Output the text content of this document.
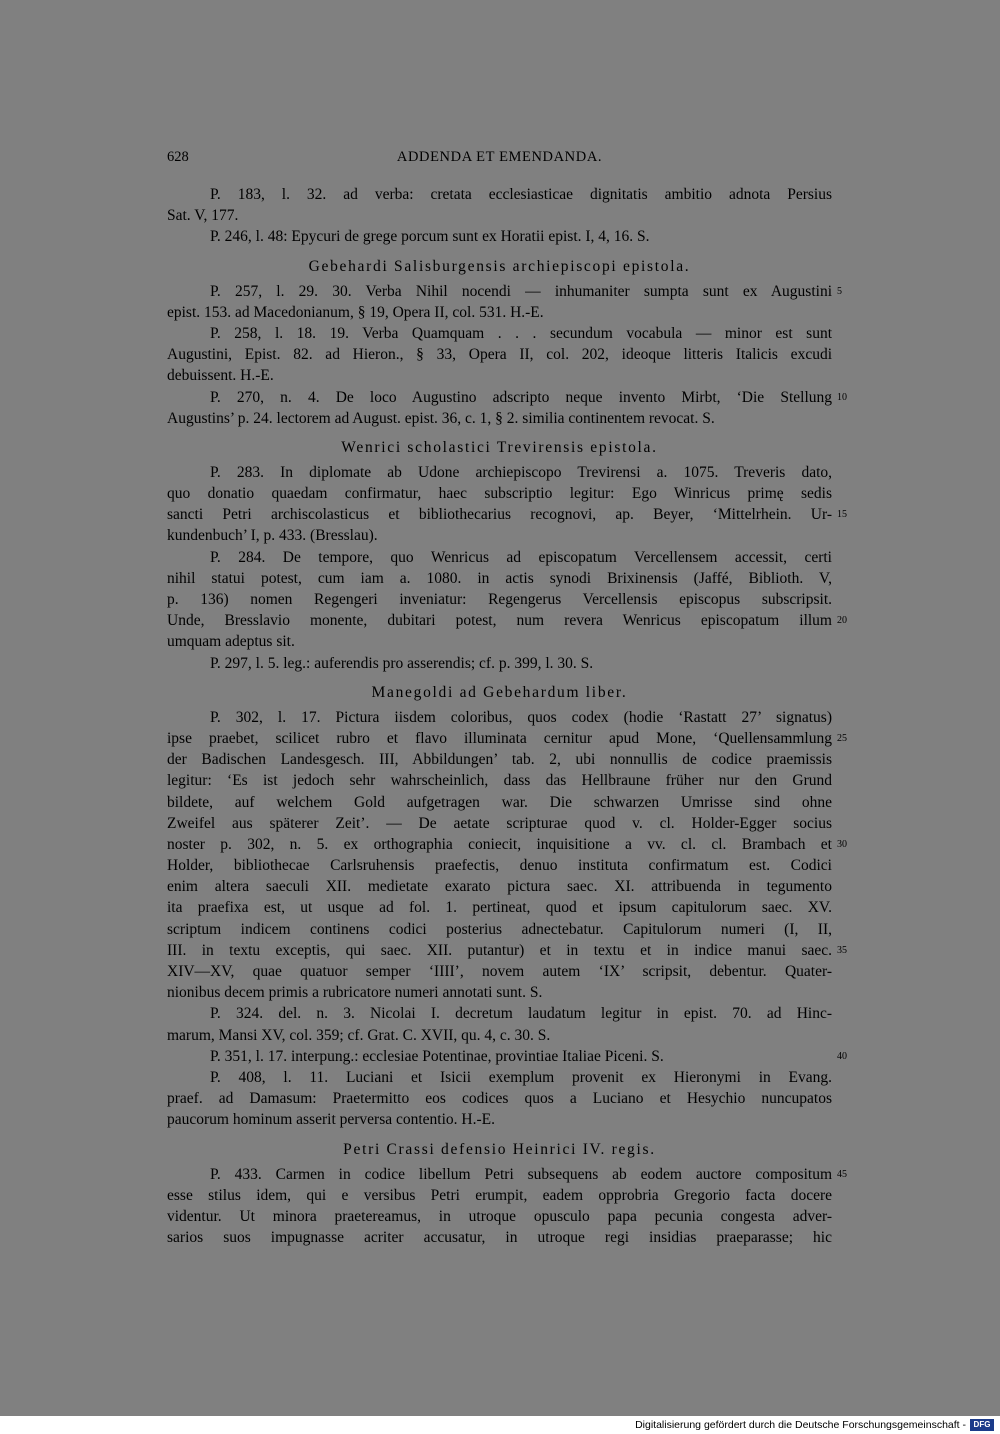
628	ADDENDA ET EMENDANDA.
P. 183, l. 32. ad verba: cretata ecclesiasticae dignitatis ambitio adnota Persius
Sat. V, 177.
P. 246, l. 48: Epycuri de grege porcum sunt ex Horatii epist. I, 4, 16. S.
Gebehardi Salisburgensis archiepiscopi epistola.
P. 257, l. 29. 30. Verba Nihil nocendi — inhumaniter sumpta sunt ex Augustini 5
epist. 153. ad Macedonianum, § 19, Opera II, col. 531. H.-E.
P. 258, l. 18. 19. Verba Quamquam . . . secundum vocabula — minor est sunt
Augustini, Epist. 82. ad Hieron., § 33, Opera II, col. 202, ideoque litteris Italicis excudi
debuissent. H.-E.
P. 270, n. 4. De loco Augustino adscripto neque invento Mirbt, ‘Die Stellung 10
Augustins’ p. 24. lectorem ad August. epist. 36, c. 1, § 2. similia continentem revocat. S.
Wenrici scholastici Trevirensis epistola.
P. 283. In diplomate ab Udone archiepiscopo Trevirensi a. 1075. Treveris dato,
quo donatio quaedam confirmatur, haec subscriptio legitur: Ego Winricus primę sedis
sancti Petri archiscolasticus et bibliothecarius recognovi, ap. Beyer, ‘Mittelrhein. Ur- 15
kundenbuch’ I, p. 433. (Bresslau).
P. 284. De tempore, quo Wenricus ad episcopatum Vercellensem accessit, certi
nihil statui potest, cum iam a. 1080. in actis synodi Brixinensis (Jaffé, Biblioth. V,
p. 136) nomen Regengeri inveniatur: Regengerus Vercellensis episcopus subscripsit.
Unde, Bresslavio monente, dubitari potest, num revera Wenricus episcopatum illum 20
umquam adeptus sit.
P. 297, l. 5. leg.: auferendis pro asserendis; cf. p. 399, l. 30. S.
Manegoldi ad Gebehardum liber.
P. 302, l. 17. Pictura iisdem coloribus, quos codex (hodie ‘Rastatt 27’ signatus)
ipse praebet, scilicet rubro et flavo illuminata cernitur apud Mone, ‘Quellensammlung 25
der Badischen Landesgesch. III, Abbildungen’ tab. 2, ubi nonnullis de codice praemissis
legitur: ‘Es ist jedoch sehr wahrscheinlich, dass das Hellbraune früher nur den Grund
bildete, auf welchem Gold aufgetragen war. Die schwarzen Umrisse sind ohne
Zweifel aus späterer Zeit’. — De aetate scripturae quod v. cl. Holder-Egger socius
noster p. 302, n. 5. ex orthographia coniecit, inquisitione a vv. cl. cl. Brambach et 30
Holder, bibliothecae Carlsruhensis praefectis, denuo instituta confirmatum est. Codici
enim altera saeculi XII. medietate exarato pictura saec. XI. attribuenda in tegumento
ita praefixa est, ut usque ad fol. 1. pertineat, quod et ipsum capitulorum saec. XV.
scriptum indicem continens codici posterius adnectebatur. Capitulorum numeri (I, II,
III. in textu exceptis, qui saec. XII. putantur) et in textu et in indice manui saec. 35
XIV—XV, quae quatuor semper ‘IIII’, novem autem ‘IX’ scripsit, debentur. Quater-
nionibus decem primis a rubricatore numeri annotati sunt. S.
P. 324. del. n. 3. Nicolai I. decretum laudatum legitur in epist. 70. ad Hinc-
marum, Mansi XV, col. 359; cf. Grat. C. XVII, qu. 4, c. 30. S.
P. 351, l. 17. interpung.: ecclesiae Potentinae, provintiae Italiae Piceni. S.	40
P. 408, l. 11. Luciani et Isicii exemplum provenit ex Hieronymi in Evang.
praef. ad Damasum: Praetermitto eos codices quos a Luciano et Hesychio nuncupatos
paucorum hominum asserit perversa contentio. H.-E.
Petri Crassi defensio Heinrici IV. regis.
P. 433. Carmen in codice libellum Petri subsequens ab eodem auctore compositum 45
esse stilus idem, qui e versibus Petri erumpit, eadem opprobria Gregorio facta docere
videntur. Ut minora praetereamus, in utroque opusculo papa pecunia congesta adver-
sarios suos impugnasse acriter accusatur, in utroque regi insidias praeparasse; hic
Digitalisierung gefördert durch die Deutsche Forschungsgemeinschaft - DFG
